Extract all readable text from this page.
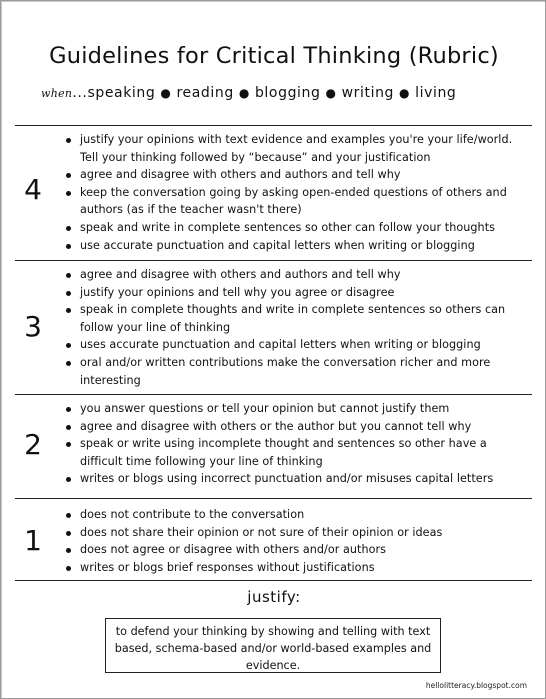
Guidelines for Critical Thinking (Rubric)
when...speaking ● reading ● blogging ● writing ● living
4
justify your opinions with text evidence and examples you're your life/world. Tell your thinking followed by “because” and your justification
agree and disagree with others and authors and tell why
keep the conversation going by asking open-ended questions of others and authors (as if the teacher wasn't there)
speak and write in complete sentences so other can follow your thoughts
use accurate punctuation and capital letters when writing or blogging
3
agree and disagree with others and authors and tell why
justify your opinions and tell why you agree or disagree
speak in complete thoughts and write in complete sentences so others can follow your line of thinking
uses accurate punctuation and capital letters when writing or blogging
oral and/or written contributions make the conversation richer and more interesting
2
you answer questions or tell your opinion but cannot justify them
agree and disagree with others or the author but you cannot tell why
speak or write using incomplete thought and sentences so other have a difficult time following your line of thinking
writes or blogs using incorrect punctuation and/or misuses capital letters
1
does not contribute to the conversation
does not share their opinion or not sure of their opinion or ideas
does not agree or disagree with others and/or authors
writes or blogs brief responses without justifications
justify:
to defend your thinking by showing and telling with text based, schema-based and/or world-based examples and evidence.
hellolitteracy.blogspot.com
